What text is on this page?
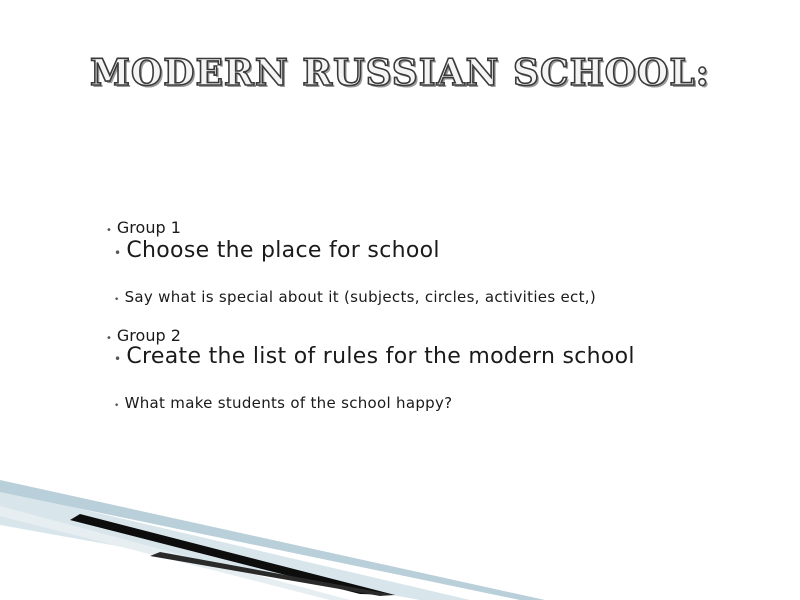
MODERN RUSSIAN SCHOOL:
• Group 1
• Choose the place for school
• Say what is special about it (subjects, circles, activities ect,)
• Group 2
• Create the list of rules for the modern school
• What make students of the school happy?
